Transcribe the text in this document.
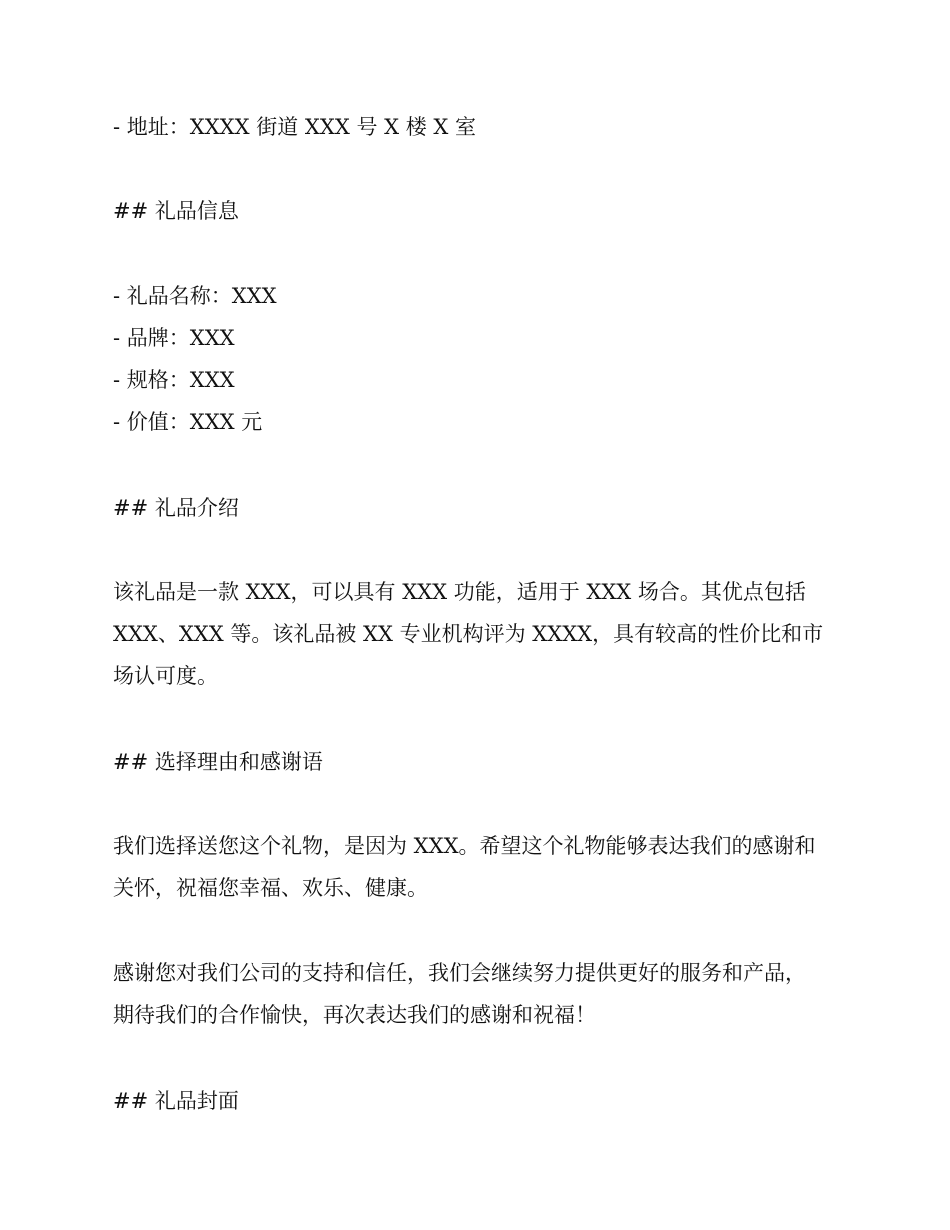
- 地址：XXXX 街道 XXX 号 X 楼 X 室
## 礼品信息
- 礼品名称：XXX
- 品牌：XXX
- 规格：XXX
- 价值：XXX 元
## 礼品介绍
该礼品是一款 XXX，可以具有 XXX 功能，适用于 XXX 场合。其优点包括
XXX、XXX 等。该礼品被 XX 专业机构评为 XXXX，具有较高的性价比和市
场认可度。
## 选择理由和感谢语
我们选择送您这个礼物，是因为 XXX。希望这个礼物能够表达我们的感谢和
关怀，祝福您幸福、欢乐、健康。
感谢您对我们公司的支持和信任，我们会继续努力提供更好的服务和产品，
期待我们的合作愉快，再次表达我们的感谢和祝福！
## 礼品封面
